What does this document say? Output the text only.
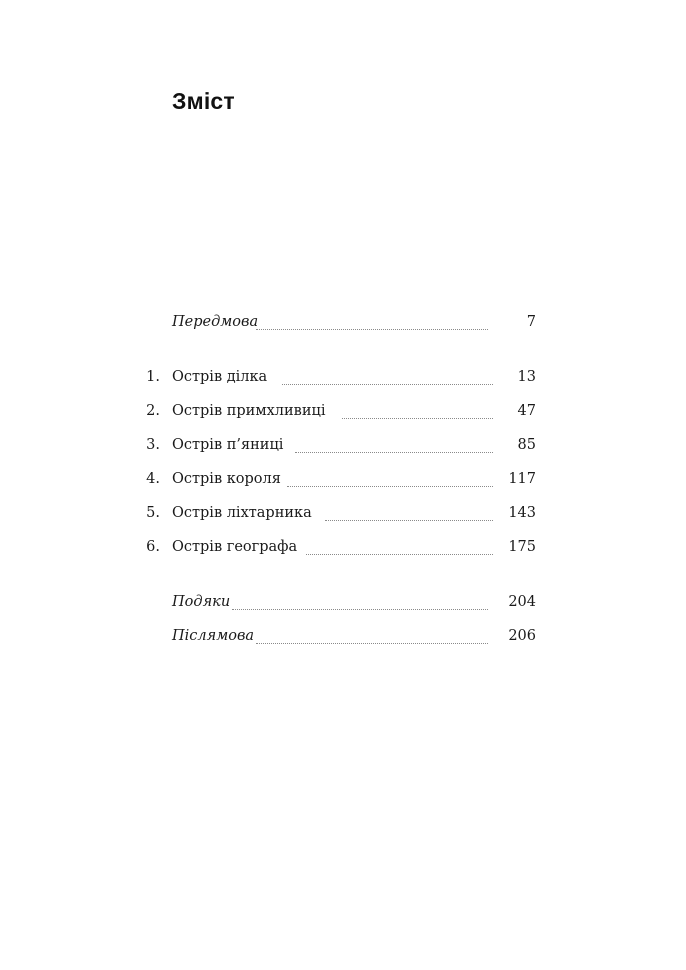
Зміст
Передмова	7
1. Острів ділка	13
2. Острів примхливиці	47
3. Острів п’яниці	85
4. Острів короля	117
5. Острів ліхтарника	143
6. Острів географа	175
Подяки	204
Післямова	206
